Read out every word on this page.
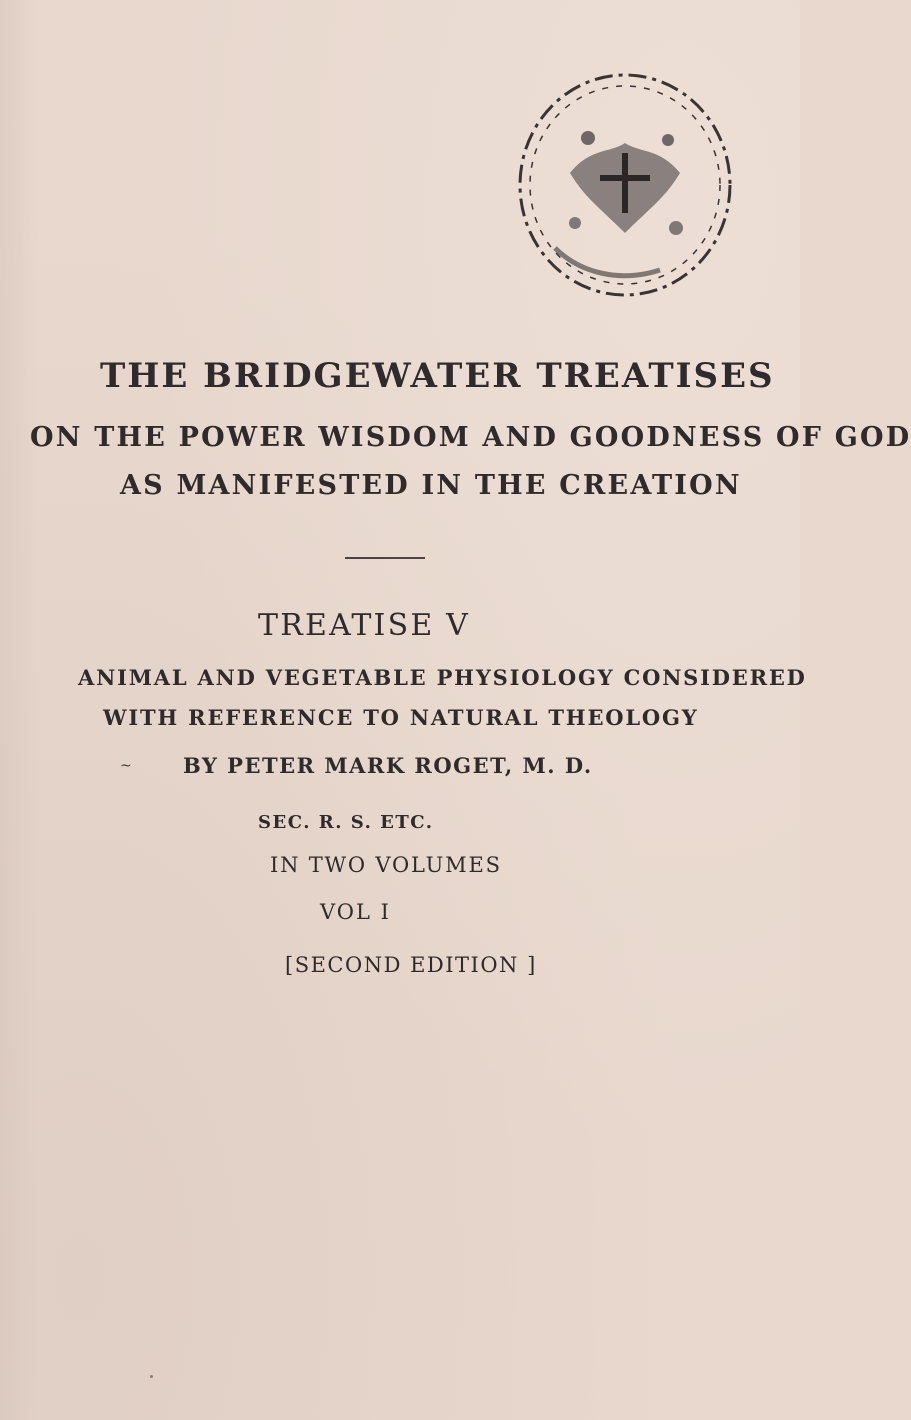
THE BRIDGEWATER TREATISES
ON THE POWER WISDOM AND GOODNESS OF GOD
AS MANIFESTED IN THE CREATION
TREATISE V
ANIMAL AND VEGETABLE PHYSIOLOGY CONSIDERED
WITH REFERENCE TO NATURAL THEOLOGY
~ BY PETER MARK ROGET, M. D.
SEC. R. S. ETC.
IN TWO VOLUMES
VOL I
[SECOND EDITION ]
